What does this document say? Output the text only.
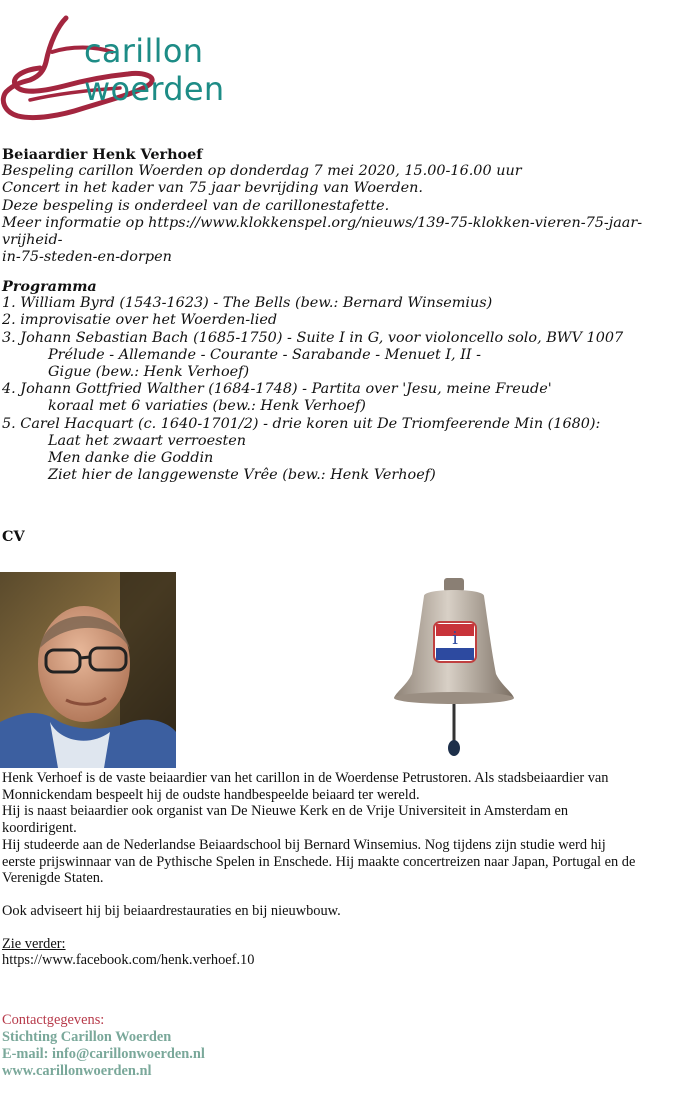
carillon woerden
Beiaardier Henk Verhoef
Bespeling carillon Woerden op donderdag 7 mei 2020, 15.00-16.00 uur
Concert in het kader van 75 jaar bevrijding van Woerden.
Deze bespeling is onderdeel van de carillonestafette.
Meer informatie op https://www.klokkenspel.org/nieuws/139-75-klokken-vieren-75-jaar-vrijheid-
in-75-steden-en-dorpen
Programma
1. William Byrd (1543-1623) - The Bells (bew.: Bernard Winsemius)
2. improvisatie over het Woerden-lied
3. Johann Sebastian Bach (1685-1750) - Suite I in G, voor violoncello solo, BWV 1007
Prélude - Allemande - Courante - Sarabande - Menuet I, II -
Gigue (bew.: Henk Verhoef)
4. Johann Gottfried Walther (1684-1748) - Partita over 'Jesu, meine Freude'
koraal met 6 variaties (bew.: Henk Verhoef)
5. Carel Hacquart (c. 1640-1701/2) - drie koren uit De Triomfeerende Min (1680):
Laat het zwaart verroesten
Men danke die Goddin
Ziet hier de langgewenste Vrêe (bew.: Henk Verhoef)
CV
i

Henk Verhoef is de vaste beiaardier van het carillon in de Woerdense Petrustoren. Als stadsbeiaardier van Monnickendam bespeelt hij de oudste handbespeelde beiaard ter wereld.

Hij is naast beiaardier ook organist van De Nieuwe Kerk en de Vrije Universiteit in Amsterdam en koordirigent.

Hij studeerde aan de Nederlandse Beiaardschool bij Bernard Winsemius. Nog tijdens zijn studie werd hij eerste prijswinnaar van de Pythische Spelen in Enschede. Hij maakte concertreizen naar Japan, Portugal en de Verenigde Staten.

Ook adviseert hij bij beiaardrestauraties en bij nieuwbouw.

Zie verder:

https://www.facebook.com/henk.verhoef.10

Contactgegevens:
Stichting Carillon Woerden
E-mail: info@carillonwoerden.nl
www.carillonwoerden.nl
